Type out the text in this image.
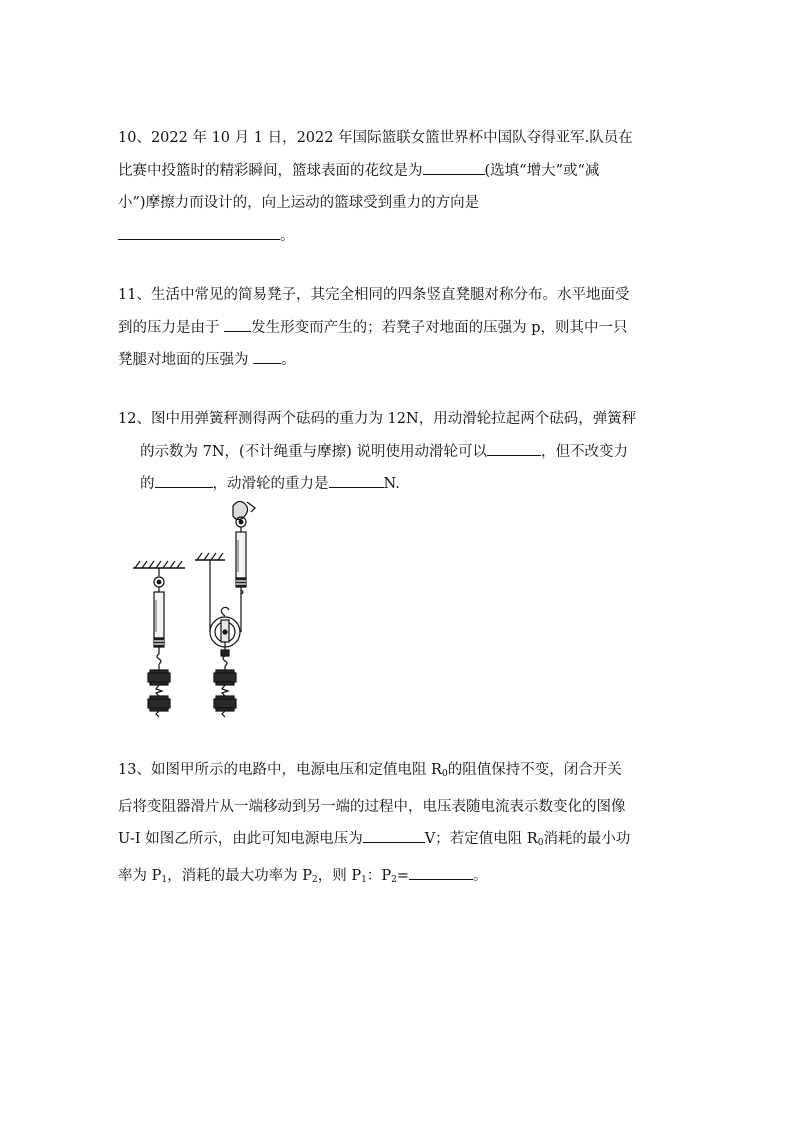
10、2022 年 10 月 1 日，2022 年国际篮联女篮世界杯中国队夺得亚军.队员在

比赛中投篮时的精彩瞬间，篮球表面的花纹是为	(选填“增大”或“减

小”)摩擦力而设计的，向上运动的篮球受到重力的方向是

。

11、生活中常见的简易凳子，其完全相同的四条竖直凳腿对称分布。水平地面受

到的压力是由于 发生形变而产生的；若凳子对地面的压强为 p，则其中一只

凳腿对地面的压强为 。

12、图中用弹簧秤测得两个砝码的重力为 12N，用动滑轮拉起两个砝码，弹簧秤

的示数为 7N，(不计绳重与摩擦) 说明使用动滑轮可以	，但不改变力

的	，动滑轮的重力是	N.

13、如图甲所示的电路中，电源电压和定值电阻 $R_0$的阻值保持不变，闭合开关

后将变阻器滑片从一端移动到另一端的过程中，电压表随电流表示数变化的图像

U-I 如图乙所示，由此可知电源电压为	V；若定值电阻 $R_0$消耗的最小功

率为 $P_1$，消耗的最大功率为 $P_2$，则 $P_1$：$P_2=$	。
